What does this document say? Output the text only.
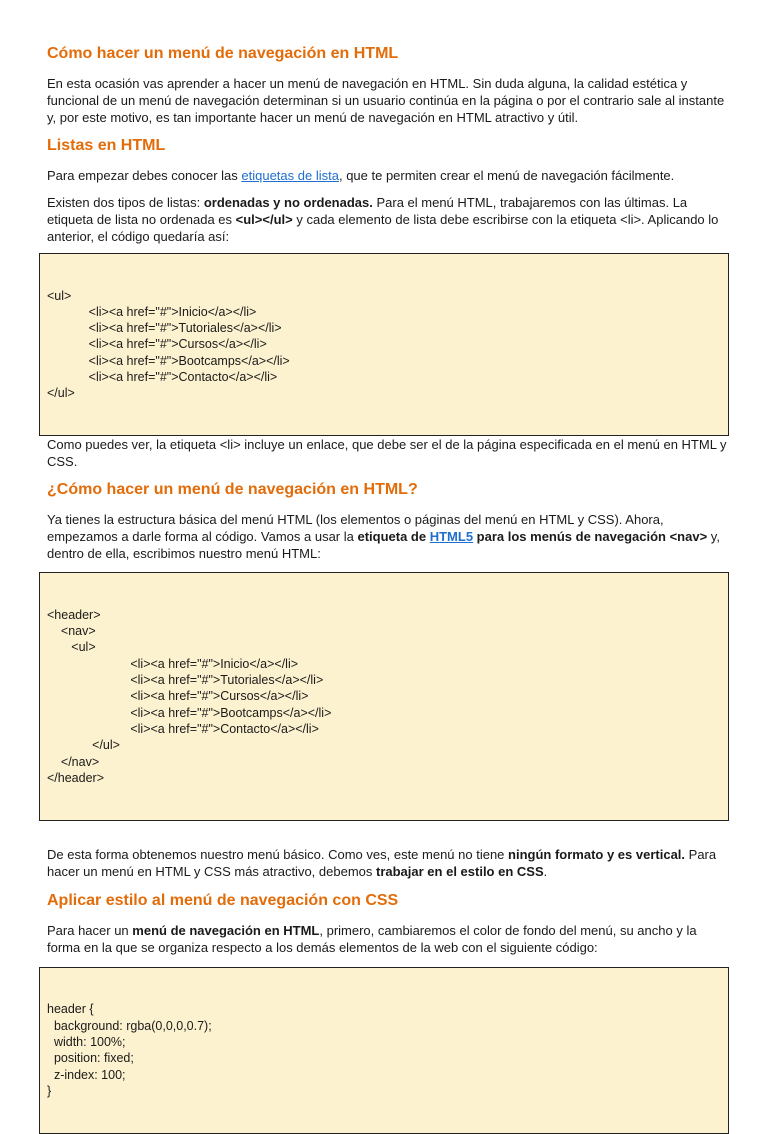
Cómo hacer un menú de navegación en HTML

En esta ocasión vas aprender a hacer un menú de navegación en HTML. Sin duda alguna, la calidad estética y funcional de un menú de navegación determinan si un usuario continúa en la página o por el contrario sale al instante y, por este motivo, es tan importante hacer un menú de navegación en HTML atractivo y útil.

Listas en HTML

Para empezar debes conocer las etiquetas de lista, que te permiten crear el menú de navegación fácilmente.

Existen dos tipos de listas: ordenadas y no ordenadas. Para el menú HTML, trabajaremos con las últimas. La etiqueta de lista no ordenada es <ul></ul> y cada elemento de lista debe escribirse con la etiqueta <li>. Aplicando lo anterior, el código quedaría así:

<ul>
<li><a href="#">Inicio</a></li>
<li><a href="#">Tutoriales</a></li>
<li><a href="#">Cursos</a></li>
<li><a href="#">Bootcamps</a></li>
<li><a href="#">Contacto</a></li>
</ul>

Como puedes ver, la etiqueta <li> incluye un enlace, que debe ser el de la página especificada en el menú en HTML y CSS.

¿Cómo hacer un menú de navegación en HTML?

Ya tienes la estructura básica del menú HTML (los elementos o páginas del menú en HTML y CSS). Ahora, empezamos a darle forma al código. Vamos a usar la etiqueta de HTML5 para los menús de navegación <nav> y, dentro de ella, escribimos nuestro menú HTML:

<header>
<nav>
<ul>
<li><a href="#">Inicio</a></li>
<li><a href="#">Tutoriales</a></li>
<li><a href="#">Cursos</a></li>
<li><a href="#">Bootcamps</a></li>
<li><a href="#">Contacto</a></li>
</ul>
</nav>
</header>

De esta forma obtenemos nuestro menú básico. Como ves, este menú no tiene ningún formato y es vertical. Para hacer un menú en HTML y CSS más atractivo, debemos trabajar en el estilo en CSS.

Aplicar estilo al menú de navegación con CSS

Para hacer un menú de navegación en HTML, primero, cambiaremos el color de fondo del menú, su ancho y la forma en la que se organiza respecto a los demás elementos de la web con el siguiente código:

header {
background: rgba(0,0,0,0.7);
width: 100%;
position: fixed;
z-index: 100;
}
